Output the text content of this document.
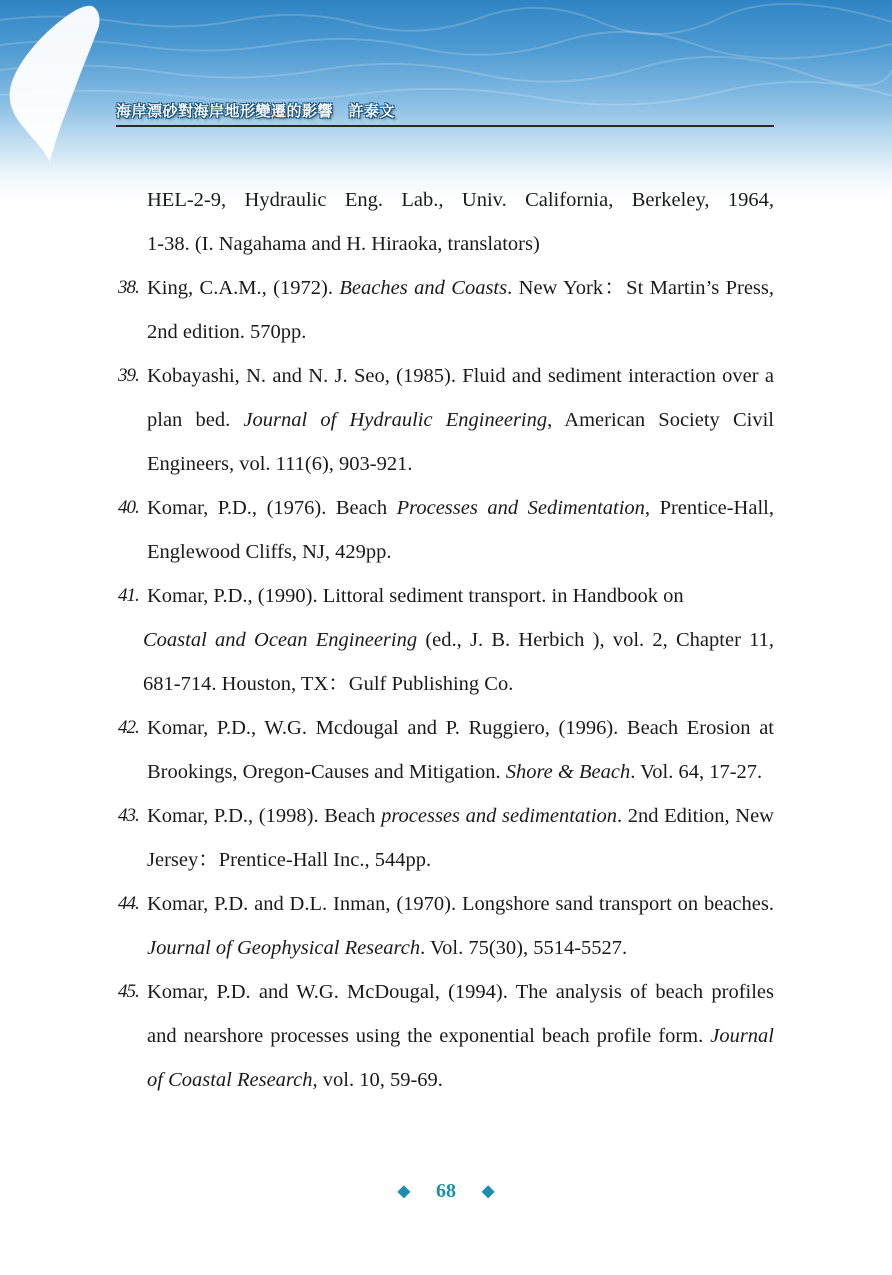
海岸漂砂對海岸地形變遷的影響　許泰文
HEL-2-9, Hydraulic Eng. Lab., Univ. California, Berkeley, 1964,
1-38. (I. Nagahama and H. Hiraoka, translators)
38. King, C.A.M., (1972). Beaches and Coasts. New York：St Martin’s Press, 2nd edition. 570pp.
39. Kobayashi, N. and N. J. Seo, (1985). Fluid and sediment interaction over a plan bed. Journal of Hydraulic Engineering, American Society Civil Engineers, vol. 111(6), 903-921.
40. Komar, P.D., (1976). Beach Processes and Sedimentation, Prentice-Hall, Englewood Cliffs, NJ, 429pp.
41. Komar, P.D., (1990). Littoral sediment transport. in Handbook on
Coastal and Ocean Engineering (ed., J. B. Herbich ), vol. 2, Chapter 11, 681-714. Houston, TX：Gulf Publishing Co.
42. Komar, P.D., W.G. Mcdougal and P. Ruggiero, (1996). Beach Erosion at Brookings, Oregon-Causes and Mitigation. Shore & Beach. Vol. 64, 17-27.
43. Komar, P.D., (1998). Beach processes and sedimentation. 2nd Edition, New Jersey：Prentice-Hall Inc., 544pp.
44. Komar, P.D. and D.L. Inman, (1970). Longshore sand transport on beaches. Journal of Geophysical Research. Vol. 75(30), 5514-5527.
45. Komar, P.D. and W.G. McDougal, (1994). The analysis of beach profiles and nearshore processes using the exponential beach profile form. Journal of Coastal Research, vol. 10, 59-69.
◆ 68 ◆
